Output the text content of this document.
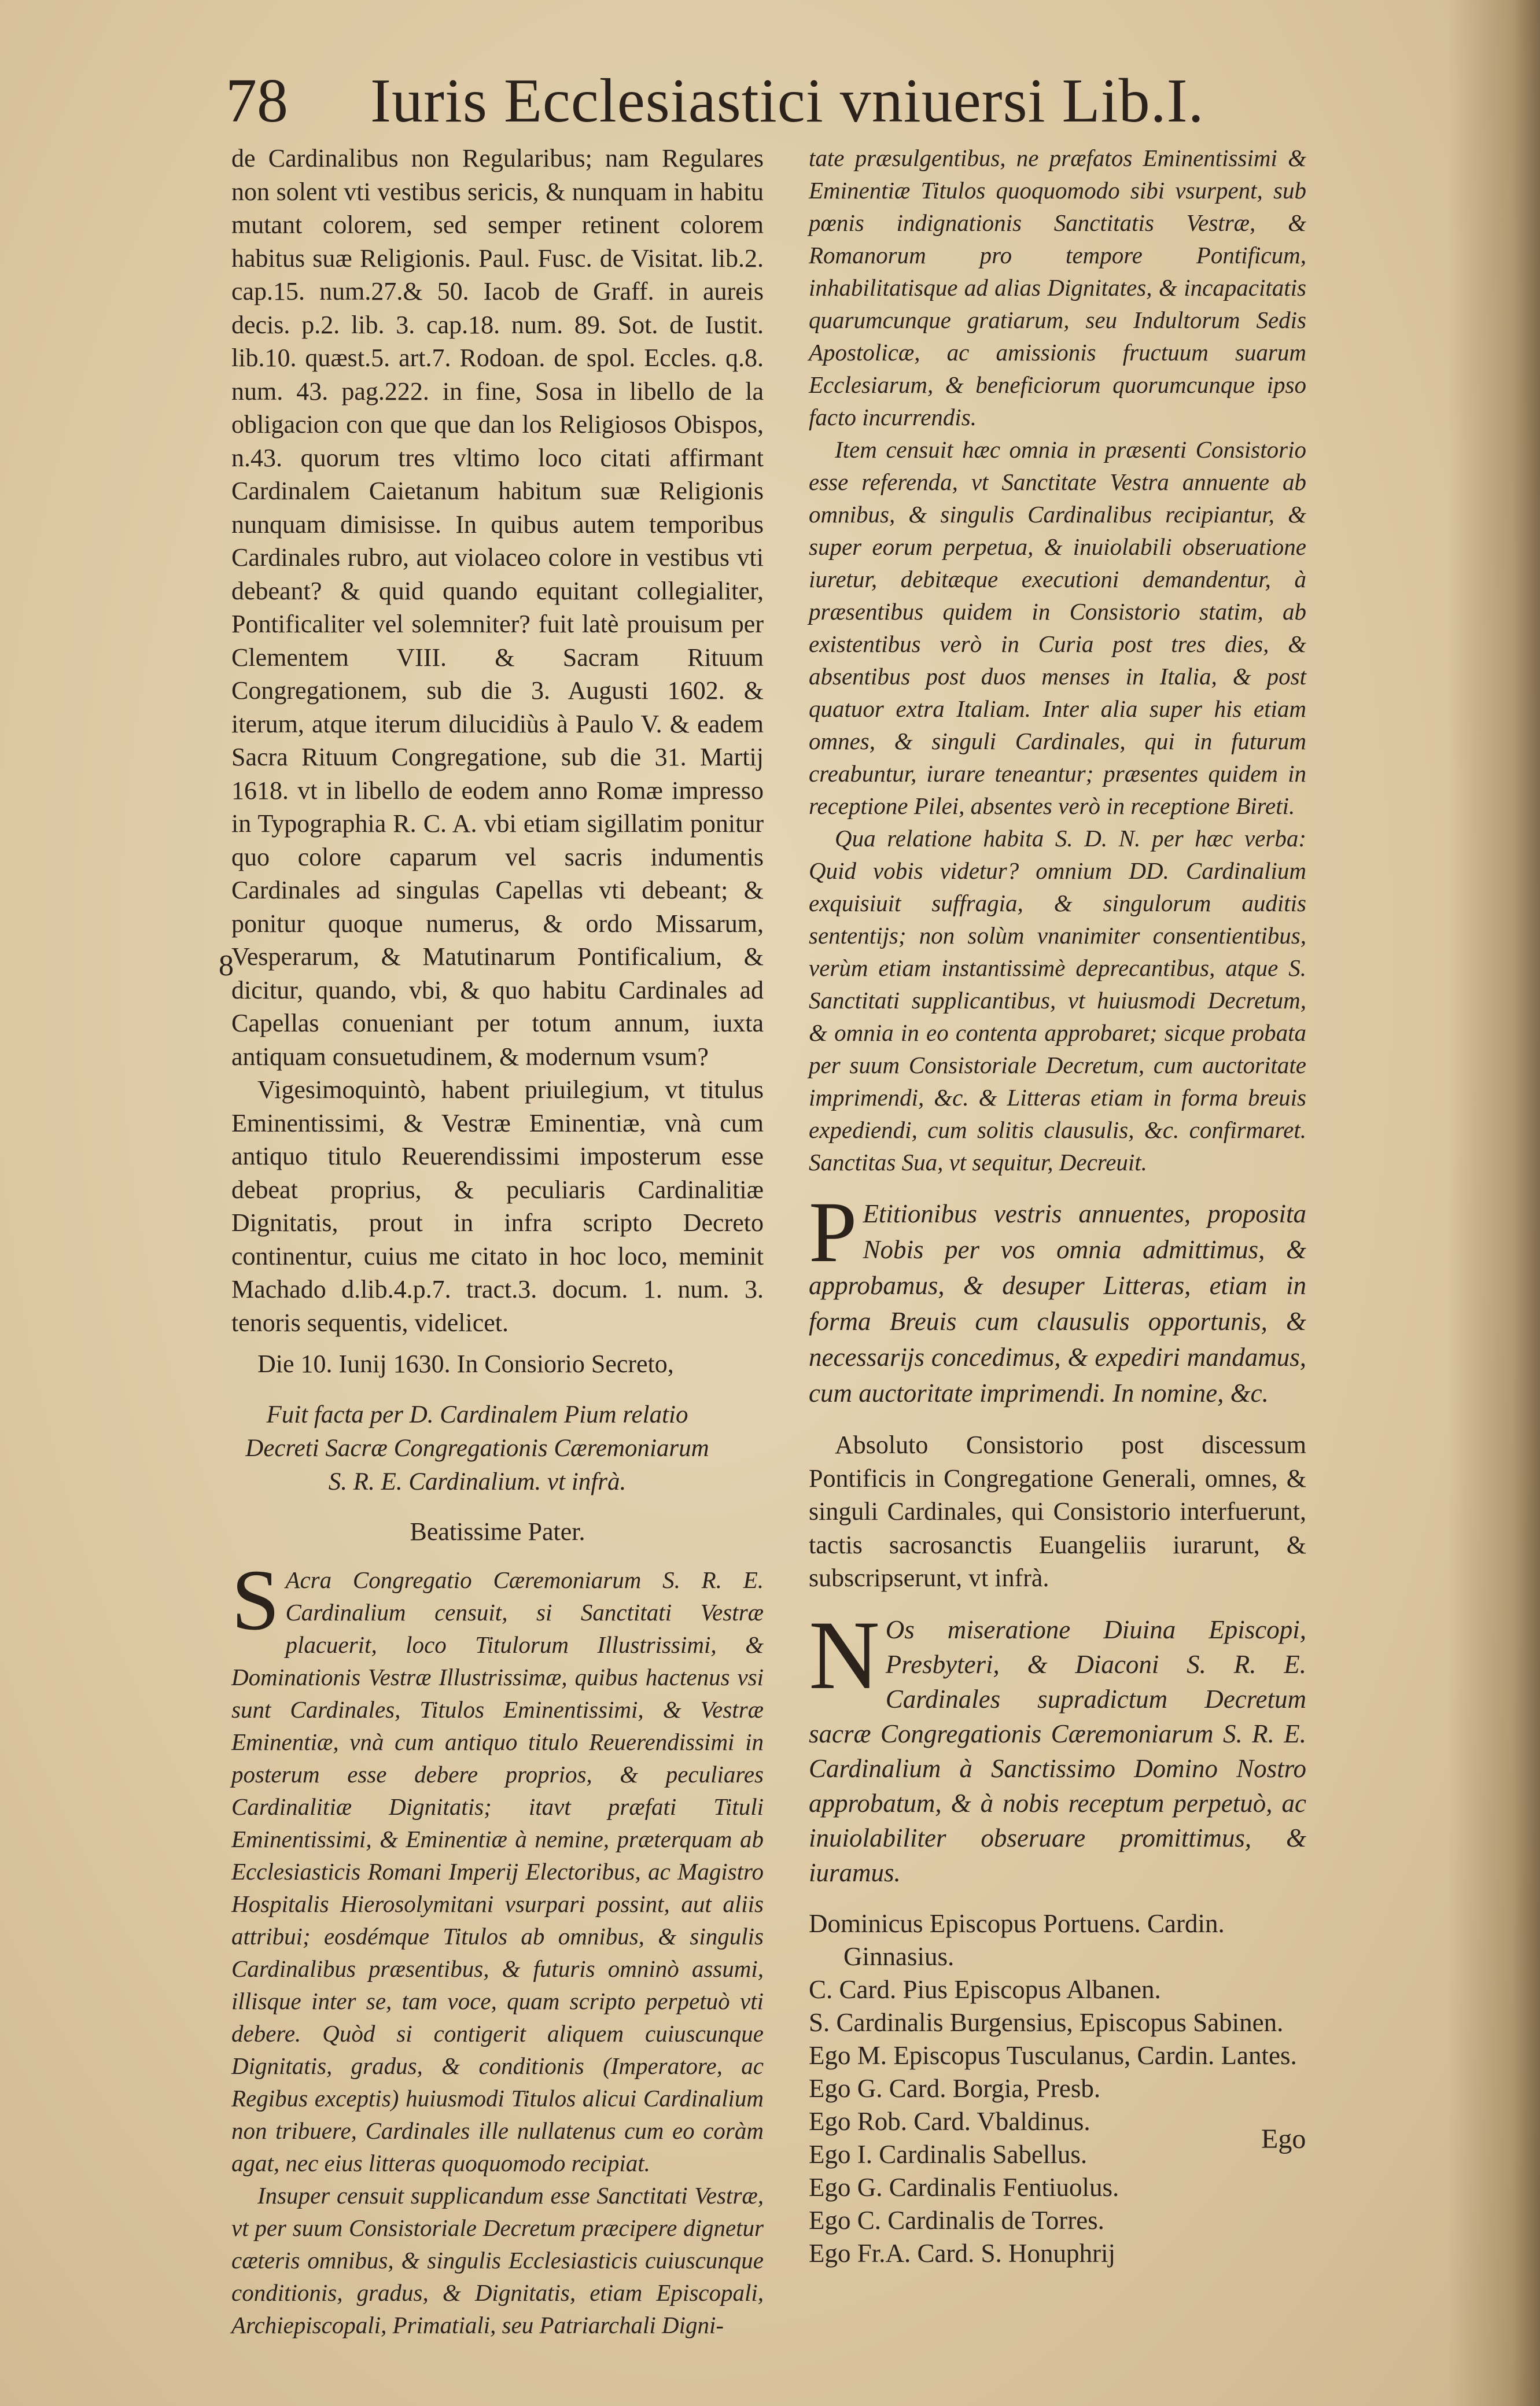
78 Iuris Ecclesiastici vniuersi Lib.I.
8

de Cardinalibus non Regularibus; nam Regulares non solent vti vestibus sericis, & nunquam in habitu mutant colorem, sed semper retinent colorem habitus suæ Religionis. Paul. Fusc. de Visitat. lib.2. cap.15. num.27.& 50. Iacob de Graff. in aureis decis. p.2. lib. 3. cap.18. num. 89. Sot. de Iustit. lib.10. quæst.5. art.7. Rodoan. de spol. Eccles. q.8. num. 43. pag.222. in fine, Sosa in libello de la obligacion con que que dan los Religiosos Obispos, n.43. quorum tres vltimo loco citati affirmant Cardinalem Caietanum habitum suæ Religionis nunquam dimisisse. In quibus autem temporibus Cardinales rubro, aut violaceo colore in vestibus vti debeant? & quid quando equitant collegialiter, Pontificaliter vel solemniter? fuit latè prouisum per Clementem VIII. & Sacram Rituum Congregationem, sub die 3. Augusti 1602. & iterum, atque iterum dilucidiùs à Paulo V. & eadem Sacra Rituum Congregatione, sub die 31. Martij 1618. vt in libello de eodem anno Romæ impresso in Typographia R. C. A. vbi etiam sigillatim ponitur quo colore caparum vel sacris indumentis Cardinales ad singulas Capellas vti debeant; & ponitur quoque numerus, & ordo Missarum, Vesperarum, & Matutinarum Pontificalium, & dicitur, quando, vbi, & quo habitu Cardinales ad Capellas conueniant per totum annum, iuxta antiquam consuetudinem, & modernum vsum?

Vigesimoquintò, habent priuilegium, vt titulus Eminentissimi, & Vestræ Eminentiæ, vnà cum antiquo titulo Reuerendissimi imposterum esse debeat proprius, & peculiaris Cardinalitiæ Dignitatis, prout in infra scripto Decreto continentur, cuius me citato in hoc loco, meminit Machado d.lib.4.p.7. tract.3. docum. 1. num. 3. tenoris sequentis, videlicet.

Die 10. Iunij 1630. In Consiorio Secreto,

Fuit facta per D. Cardinalem Pium relatio Decreti Sacræ Congregationis Cæremoniarum S. R. E. Cardinalium. vt infrà.

Beatissime Pater.

S Acra Congregatio Cæremoniarum S. R. E. Cardinalium censuit, si Sanctitati Vestræ placuerit, loco Titulorum Illustrissimi, & Dominationis Vestræ Illustrissimæ, quibus hactenus vsi sunt Cardinales, Titulos Eminentissimi, & Vestræ Eminentiæ, vnà cum antiquo titulo Reuerendissimi in posterum esse debere proprios, & peculiares Cardinalitiæ Dignitatis; itavt præfati Tituli Eminentissimi, & Eminentiæ à nemine, præterquam ab Ecclesiasticis Romani Imperij Electoribus, ac Magistro Hospitalis Hierosolymitani vsurpari possint, aut aliis attribui; eosdémque Titulos ab omnibus, & singulis Cardinalibus præsentibus, & futuris omninò assumi, illisque inter se, tam voce, quam scripto perpetuò vti debere. Quòd si contigerit aliquem cuiuscunque Dignitatis, gradus, & conditionis (Imperatore, ac Regibus exceptis) huiusmodi Titulos alicui Cardinalium non tribuere, Cardinales ille nullatenus cum eo coràm agat, nec eius litteras quoquomodo recipiat.

Insuper censuit supplicandum esse Sanctitati Vestræ, vt per suum Consistoriale Decretum præcipere dignetur cæteris omnibus, & singulis Ecclesiasticis cuiuscunque conditionis, gradus, & Dignitatis, etiam Episcopali, Archiepiscopali, Primatiali, seu Patriarchali Digni-

tate præsulgentibus, ne præfatos Eminentissimi & Eminentiæ Titulos quoquomodo sibi vsurpent, sub pœnis indignationis Sanctitatis Vestræ, & Romanorum pro tempore Pontificum, inhabilitatisque ad alias Dignitates, & incapacitatis quarumcunque gratiarum, seu Indultorum Sedis Apostolicæ, ac amissionis fructuum suarum Ecclesiarum, & beneficiorum quorumcunque ipso facto incurrendis.

Item censuit hæc omnia in præsenti Consistorio esse referenda, vt Sanctitate Vestra annuente ab omnibus, & singulis Cardinalibus recipiantur, & super eorum perpetua, & inuiolabili obseruatione iuretur, debitæque executioni demandentur, à præsentibus quidem in Consistorio statim, ab existentibus verò in Curia post tres dies, & absentibus post duos menses in Italia, & post quatuor extra Italiam. Inter alia super his etiam omnes, & singuli Cardinales, qui in futurum creabuntur, iurare teneantur; præsentes quidem in receptione Pilei, absentes verò in receptione Bireti.

Qua relatione habita S. D. N. per hæc verba: Quid vobis videtur? omnium DD. Cardinalium exquisiuit suffragia, & singulorum auditis sententijs; non solùm vnanimiter consentientibus, verùm etiam instantissimè deprecantibus, atque S. Sanctitati supplicantibus, vt huiusmodi Decretum, & omnia in eo contenta approbaret; sicque probata per suum Consistoriale Decretum, cum auctoritate imprimendi, &c. & Litteras etiam in forma breuis expediendi, cum solitis clausulis, &c. confirmaret. Sanctitas Sua, vt sequitur, Decreuit.

P Etitionibus vestris annuentes, proposita Nobis per vos omnia admittimus, & approbamus, & desuper Litteras, etiam in forma Breuis cum clausulis opportunis, & necessarijs concedimus, & expediri mandamus, cum auctoritate imprimendi. In nomine, &c.

Absoluto Consistorio post discessum Pontificis in Congregatione Generali, omnes, & singuli Cardinales, qui Consistorio interfuerunt, tactis sacrosanctis Euangeliis iurarunt, & subscripserunt, vt infrà.

N Os miseratione Diuina Episcopi, Presbyteri, & Diaconi S. R. E. Cardinales supradictum Decretum sacræ Congregationis Cæremoniarum S. R. E. Cardinalium à Sanctissimo Domino Nostro approbatum, & à nobis receptum perpetuò, ac inuiolabiliter obseruare promittimus, & iuramus.
Dominicus Episcopus Portuens. Cardin. Ginnasius.
C. Card. Pius Episcopus Albanen.
S. Cardinalis Burgensius, Episcopus Sabinen.
Ego M. Episcopus Tusculanus, Cardin. Lantes.
Ego G. Card. Borgia, Presb.
Ego Rob. Card. Vbaldinus.
Ego I. Cardinalis Sabellus.
Ego G. Cardinalis Fentiuolus.
Ego C. Cardinalis de Torres.
Ego Fr.A. Card. S. Honuphrij
Ego
